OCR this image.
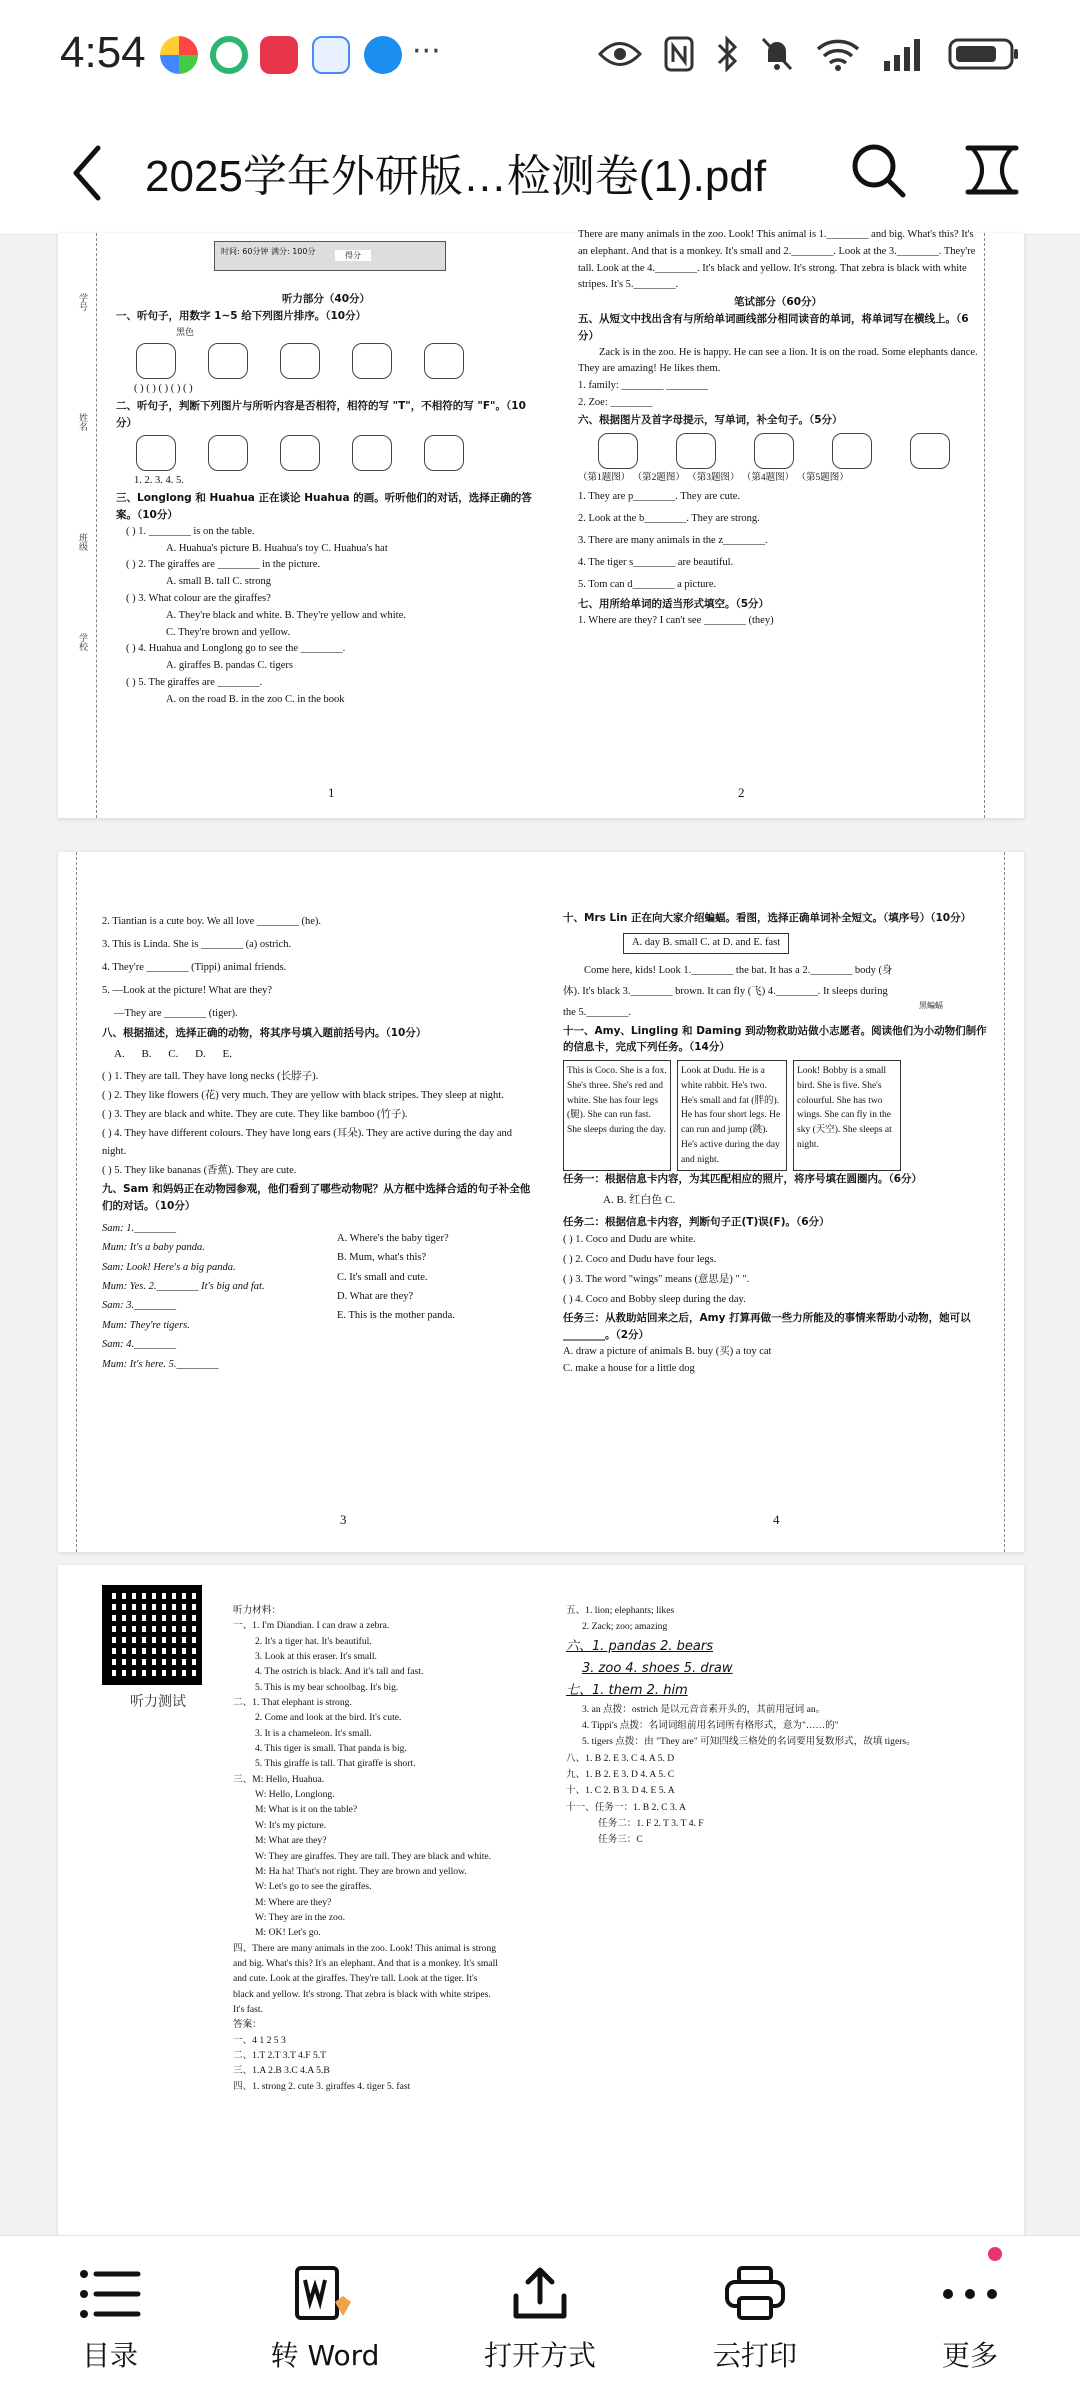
4:54	···
2025学年外研版…检测卷(1).pdf
学号
姓名
班级
学校
时间: 60分钟 满分: 100分	得分
听力部分（40分）
一、听句子，用数字 1~5 给下列图片排序。（10分）
黑色
( ) ( ) ( ) ( ) ( )
二、听句子，判断下列图片与所听内容是否相符，相符的写 "T"，不相符的写 "F"。（10分）
1. 2. 3. 4. 5.
三、Longlong 和 Huahua 正在谈论 Huahua 的画。听听他们的对话，选择正确的答案。（10分）
( ) 1. ________ is on the table.
A. Huahua's picture B. Huahua's toy C. Huahua's hat
( ) 2. The giraffes are ________ in the picture.
A. small B. tall C. strong
( ) 3. What colour are the giraffes?
A. They're black and white. B. They're yellow and white.
C. They're brown and yellow.
( ) 4. Huahua and Longlong go to see the ________.
A. giraffes B. pandas C. tigers
( ) 5. The giraffes are ________.
A. on the road B. in the zoo C. in the book
1
There are many animals in the zoo. Look! This animal is 1.________ and big. What's this? It's an elephant. And that is a monkey. It's small and 2.________. Look at the 3.________. They're tall. Look at the 4.________. It's black and yellow. It's strong. That zebra is black with white stripes. It's 5.________.
笔试部分（60分）
五、从短文中找出含有与所给单词画线部分相同读音的单词，将单词写在横线上。（6分）
Zack is in the zoo. He is happy. He can see a lion. It is on the road. Some elephants dance. They are amazing! He likes them.
1. family: ________ ________
2. Zoe: ________
六、根据图片及首字母提示，写单词，补全句子。（5分）
（第1题图） （第2题图） （第3题图） （第4题图） （第5题图）
1. They are p________. They are cute.
2. Look at the b________. They are strong.
3. There are many animals in the z________.
4. The tiger s________ are beautiful.
5. Tom can d________ a picture.
七、用所给单词的适当形式填空。（5分）
1. Where are they? I can't see ________ (they)
2
2. Tiantian is a cute boy. We all love ________ (he).
3. This is Linda. She is ________ (a) ostrich.
4. They're ________ (Tippi) animal friends.
5. —Look at the picture! What are they?
—They are ________ (tiger).
八、根据描述，选择正确的动物，将其序号填入题前括号内。（10分）
A. B. C. D. E.
( ) 1. They are tall. They have long necks (长脖子).
( ) 2. They like flowers (花) very much. They are yellow with black stripes. They sleep at night.
( ) 3. They are black and white. They are cute. They like bamboo (竹子).
( ) 4. They have different colours. They have long ears (耳朵). They are active during the day and night.
( ) 5. They like bananas (香蕉). They are cute.
九、Sam 和妈妈正在动物园参观，他们看到了哪些动物呢？从方框中选择合适的句子补全他们的对话。（10分）
Sam: 1.________
Mum: It's a baby panda.
Sam: Look! Here's a big panda.
Mum: Yes. 2.________ It's big and fat.
Sam: 3.________
Mum: They're tigers.
Sam: 4.________
Mum: It's here. 5.________
A. Where's the baby tiger?
B. Mum, what's this?
C. It's small and cute.
D. What are they?
E. This is the mother panda.
3
十、Mrs Lin 正在向大家介绍蝙蝠。看图，选择正确单词补全短文。（填序号）（10分）
A. day B. small C. at D. and E. fast
Come here, kids! Look 1.________ the bat. It has a 2.________ body (身体). It's black 3.________ brown. It can fly (飞) 4.________. It sleeps during the 5.________.
黑蝙蝠
十一、Amy、Lingling 和 Daming 到动物救助站做小志愿者。阅读他们为小动物们制作的信息卡，完成下列任务。（14分）
This is Coco. She is a fox. She's three. She's red and white. She has four legs (腿). She can run fast. She sleeps during the day.
Look at Dudu. He is a white rabbit. He's two. He's small and fat (胖的). He has four short legs. He can run and jump (跳). He's active during the day and night.
Look! Bobby is a small bird. She is five. She's colourful. She has two wings. She can fly in the sky (天空). She sleeps at night.
任务一：根据信息卡内容，为其匹配相应的照片，将序号填在圆圈内。（6分）
A. B. 红白色 C.
任务二：根据信息卡内容，判断句子正(T)误(F)。（6分）
( ) 1. Coco and Dudu are white.
( ) 2. Coco and Dudu have four legs.
( ) 3. The word "wings" means (意思是) " ".
( ) 4. Coco and Bobby sleep during the day.
任务三：从救助站回来之后，Amy 打算再做一些力所能及的事情来帮助小动物，她可以 ________。（2分）
A. draw a picture of animals B. buy (买) a toy cat
C. make a house for a little dog
4
听力测试
听力材料：
一、1. I'm Diandian. I can draw a zebra.
2. It's a tiger hat. It's beautiful.
3. Look at this eraser. It's small.
4. The ostrich is black. And it's tall and fast.
5. This is my bear schoolbag. It's big.
二、1. That elephant is strong.
2. Come and look at the bird. It's cute.
3. It is a chameleon. It's small.
4. This tiger is small. That panda is big.
5. This giraffe is tall. That giraffe is short.
三、M: Hello, Huahua.
W: Hello, Longlong.
M: What is it on the table?
W: It's my picture.
M: What are they?
W: They are giraffes. They are tall. They are black and white.
M: Ha ha! That's not right. They are brown and yellow.
W: Let's go to see the giraffes.
M: Where are they?
W: They are in the zoo.
M: OK! Let's go.
四、There are many animals in the zoo. Look! This animal is strong and big. What's this? It's an elephant. And that is a monkey. It's small and cute. Look at the giraffes. They're tall. Look at the tiger. It's black and yellow. It's strong. That zebra is black with white stripes. It's fast.
答案：
一、4 1 2 5 3
二、1.T 2.T 3.T 4.F 5.T
三、1.A 2.B 3.C 4.A 5.B
四、1. strong 2. cute 3. giraffes 4. tiger 5. fast
五、1. lion; elephants; likes
2. Zack; zoo; amazing
六、1. pandas 2. bears
3. zoo 4. shoes 5. draw
七、1. them 2. him
3. an 点拨：ostrich 是以元音音素开头的，其前用冠词 an。
4. Tippi's 点拨：名词词组前用名词所有格形式，意为"……的"
5. tigers 点拨：由 "They are" 可知四线三格处的名词要用复数形式，故填 tigers。
八、1. B 2. E 3. C 4. A 5. D
九、1. B 2. E 3. D 4. A 5. C
十、1. C 2. B 3. D 4. E 5. A
十一、任务一：1. B 2. C 3. A
任务二：1. F 2. T 3. T 4. F
任务三：C
目录	转 Word	打开方式	云打印	更多
